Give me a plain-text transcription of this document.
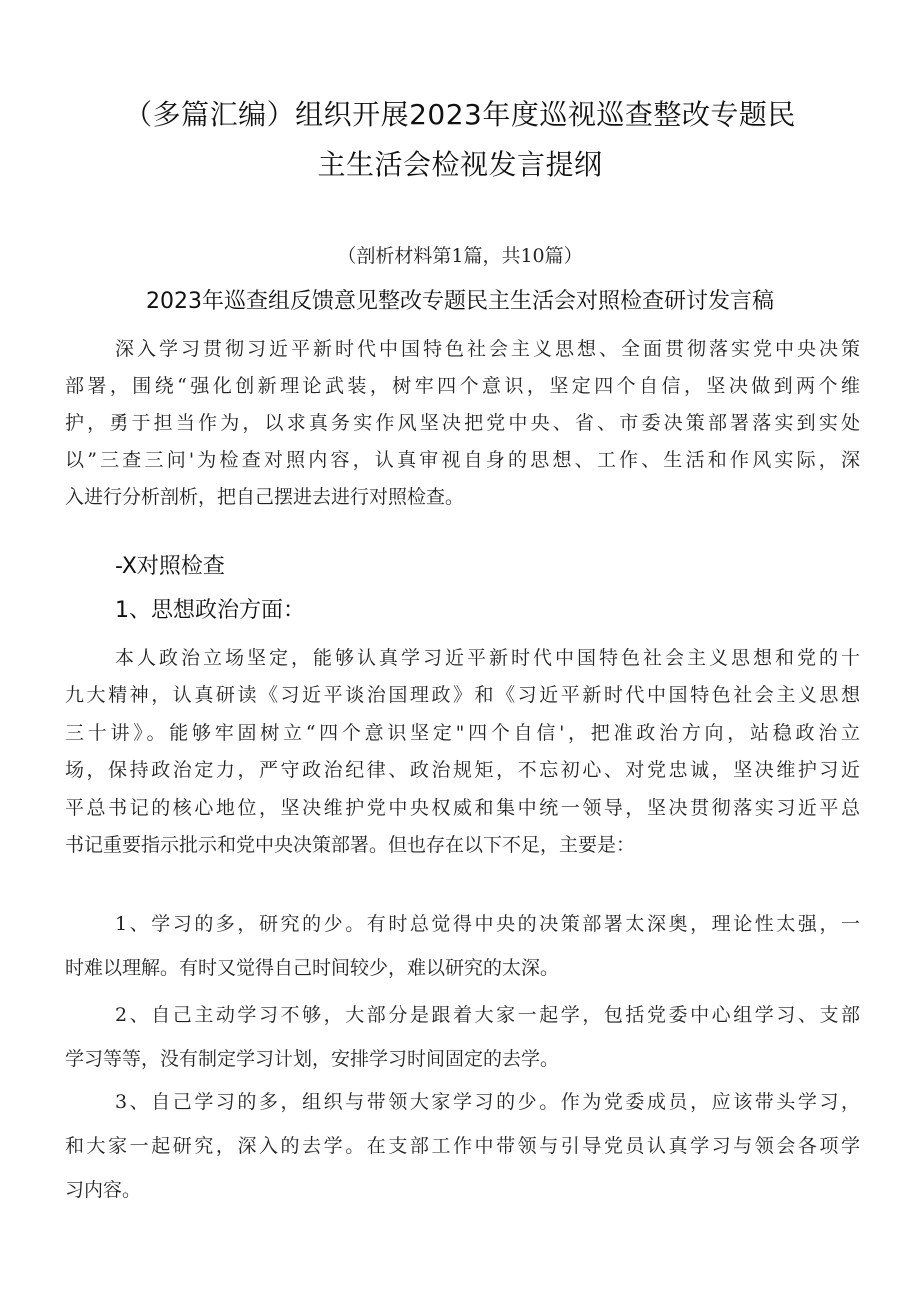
（多篇汇编）组织开展2023年度巡视巡查整改专题民
主生活会检视发言提纲
（剖析材料第1篇，共10篇）
2023年巡查组反馈意见整改专题民主生活会对照检查研讨发言稿
深入学习贯彻习近平新时代中国特色社会主义思想、全面贯彻落实党中央决策
部署，围绕“强化创新理论武装，树牢四个意识，坚定四个自信，坚决做到两个维
护，勇于担当作为，以求真务实作风坚决把党中央、省、市委决策部署落实到实处
以”三查三问'为检查对照内容，认真审视自身的思想、工作、生活和作风实际，深
入进行分析剖析，把自己摆进去进行对照检查。
-X对照检查
1、思想政治方面：
本人政治立场坚定，能够认真学习近平新时代中国特色社会主义思想和党的十
九大精神，认真研读《习近平谈治国理政》和《习近平新时代中国特色社会主义思想
三十讲》。能够牢固树立“四个意识坚定"四个自信'，把准政治方向，站稳政治立
场，保持政治定力，严守政治纪律、政治规矩，不忘初心、对党忠诚，坚决维护习近
平总书记的核心地位，坚决维护党中央权威和集中统一领导，坚决贯彻落实习近平总
书记重要指示批示和党中央决策部署。但也存在以下不足，主要是：
1、学习的多，研究的少。有时总觉得中央的决策部署太深奥，理论性太强，一
时难以理解。有时又觉得自己时间较少，难以研究的太深。
2、自己主动学习不够，大部分是跟着大家一起学，包括党委中心组学习、支部
学习等等，没有制定学习计划，安排学习时间固定的去学。
3、自己学习的多，组织与带领大家学习的少。作为党委成员，应该带头学习，
和大家一起研究，深入的去学。在支部工作中带领与引导党员认真学习与领会各项学
习内容。
